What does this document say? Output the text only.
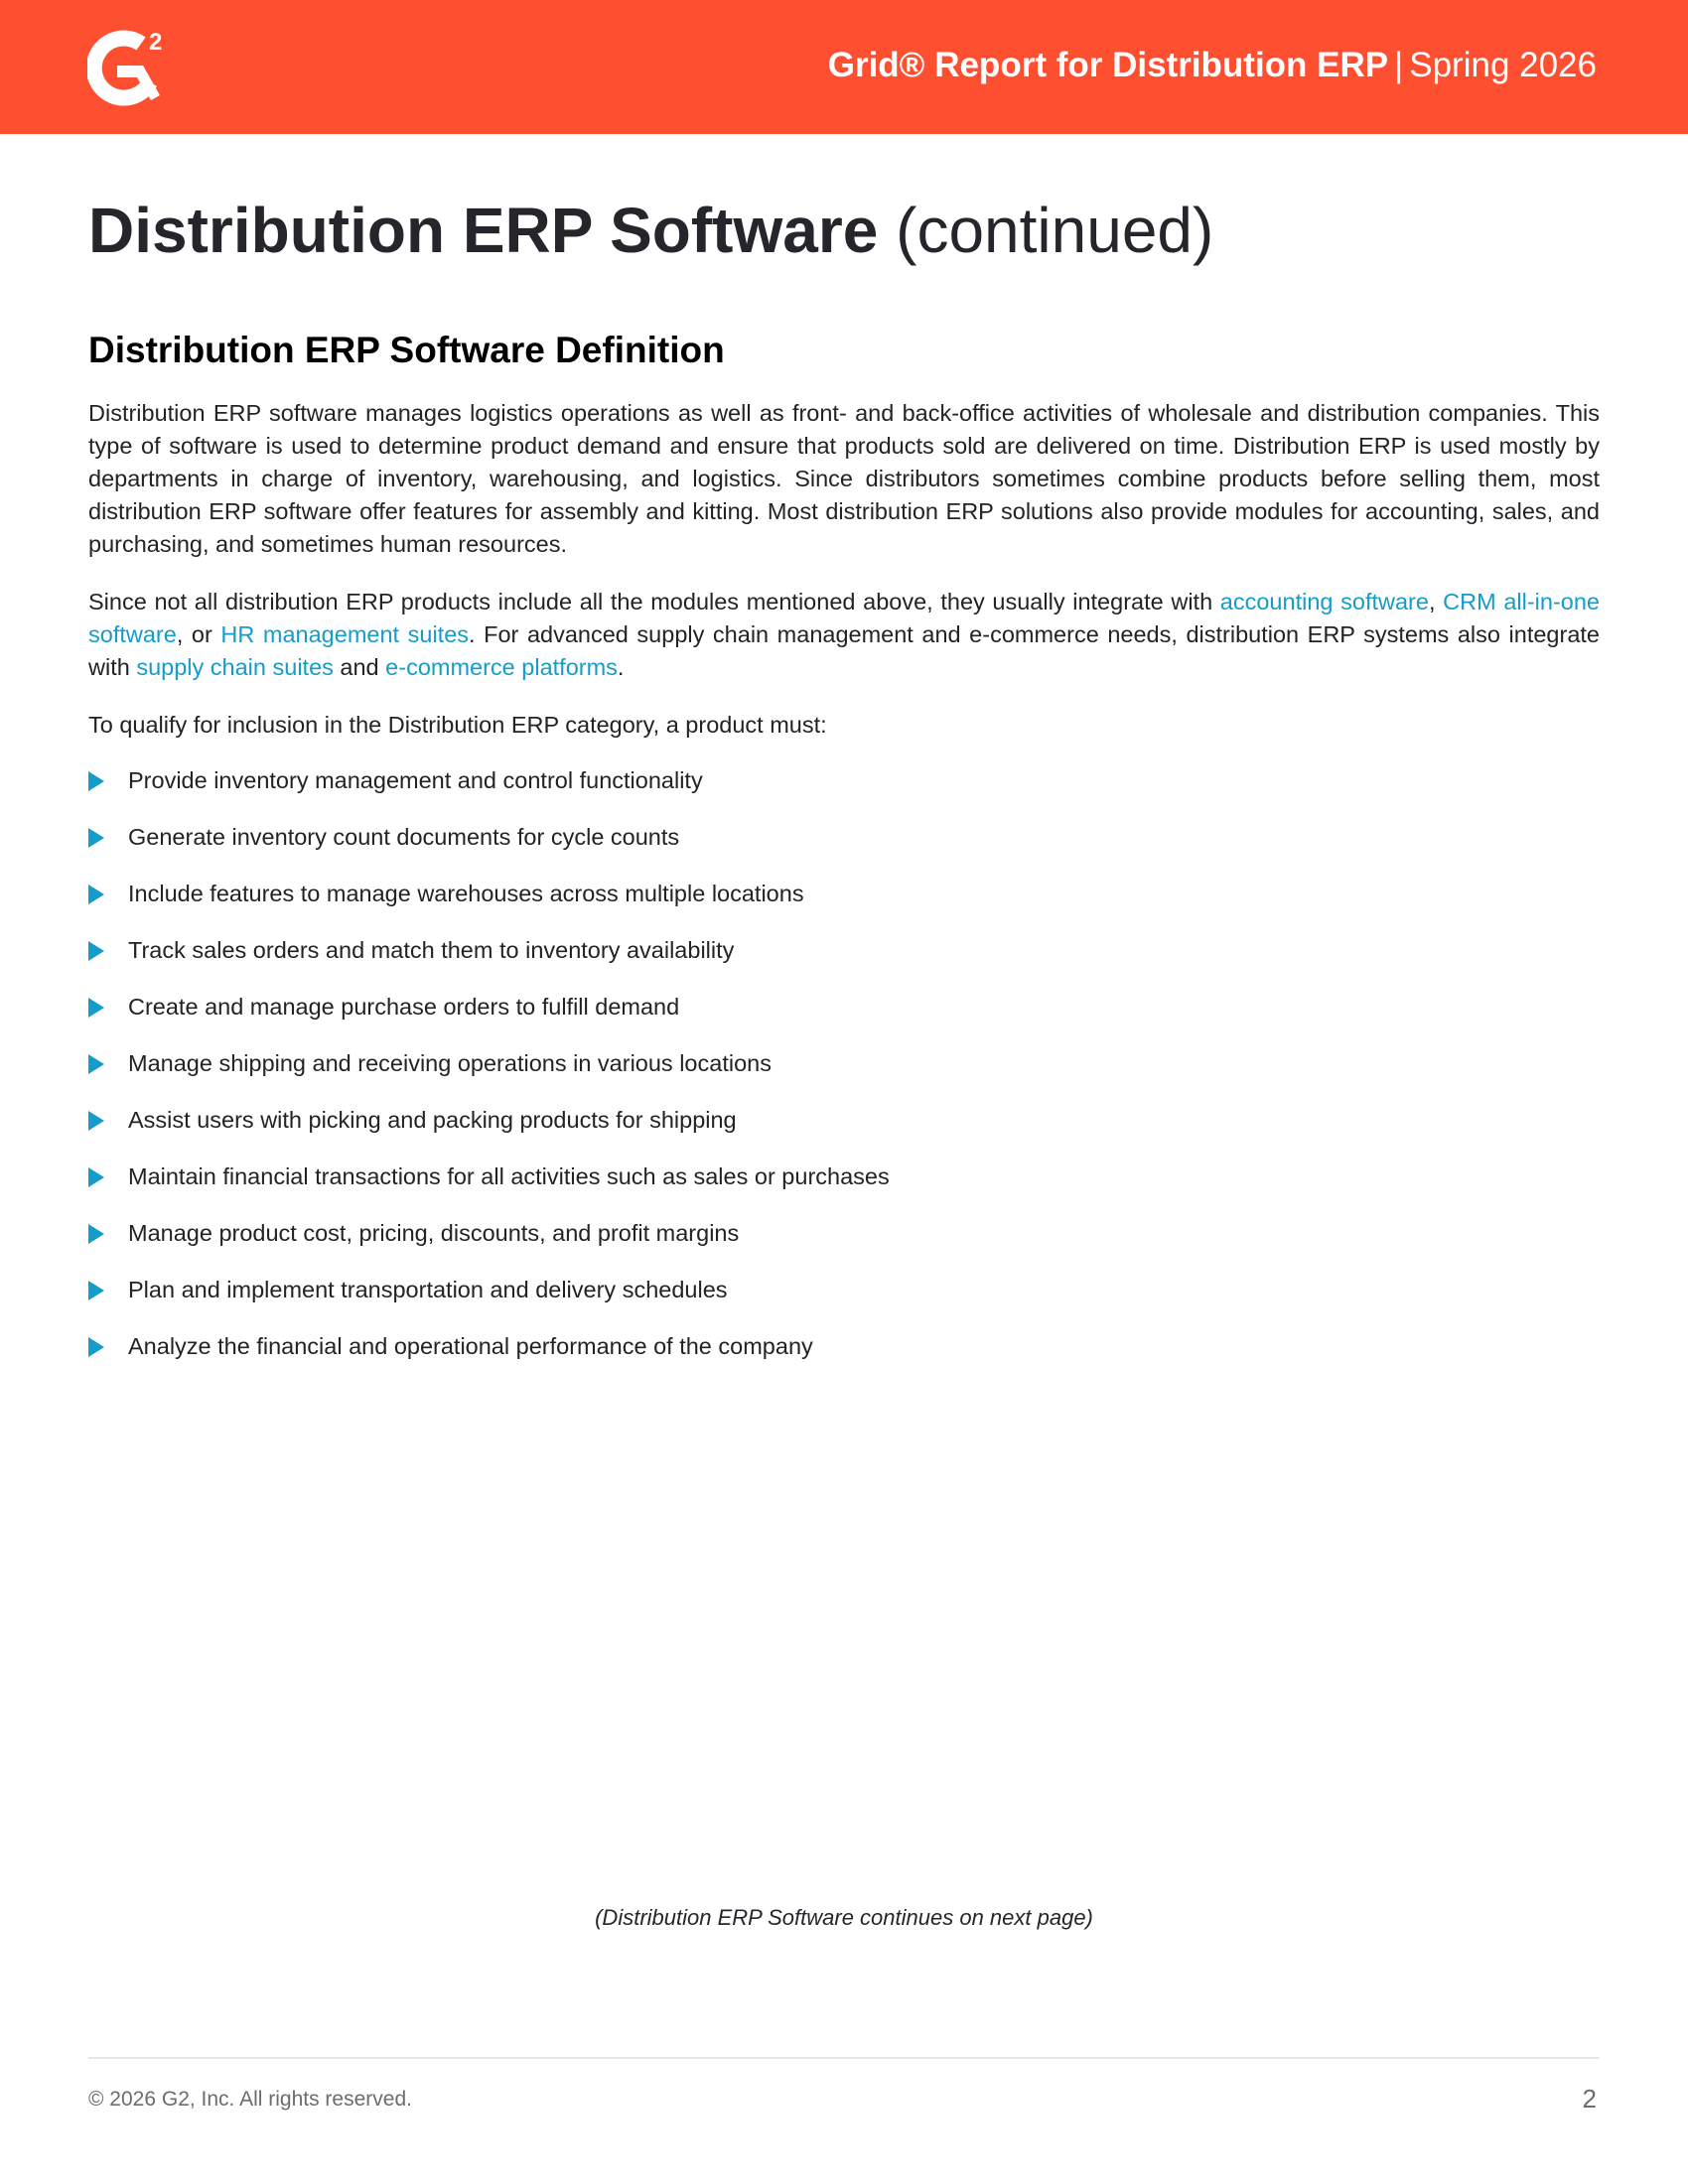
2
Grid® Report for Distribution ERP | Spring 2026
Distribution ERP Software (continued)
Distribution ERP Software Definition

Distribution ERP software manages logistics operations as well as front- and back-office activities of wholesale and distribution companies. This type of software is used to determine product demand and ensure that products sold are delivered on time. Distribution ERP is used mostly by departments in charge of inventory, warehousing, and logistics. Since distributors sometimes combine products before selling them, most distribution ERP software offer features for assembly and kitting. Most distribution ERP solutions also provide modules for accounting, sales, and purchasing, and sometimes human resources.

Since not all distribution ERP products include all the modules mentioned above, they usually integrate with accounting software, CRM all-in-one software, or HR management suites. For advanced supply chain management and e-commerce needs, distribution ERP systems also integrate with supply chain suites and e-commerce platforms.

To qualify for inclusion in the Distribution ERP category, a product must:

Provide inventory management and control functionality
Generate inventory count documents for cycle counts
Include features to manage warehouses across multiple locations
Track sales orders and match them to inventory availability
Create and manage purchase orders to fulfill demand
Manage shipping and receiving operations in various locations
Assist users with picking and packing products for shipping
Maintain financial transactions for all activities such as sales or purchases
Manage product cost, pricing, discounts, and profit margins
Plan and implement transportation and delivery schedules
Analyze the financial and operational performance of the company
(Distribution ERP Software continues on next page)
© 2026 G2, Inc. All rights reserved.	2
